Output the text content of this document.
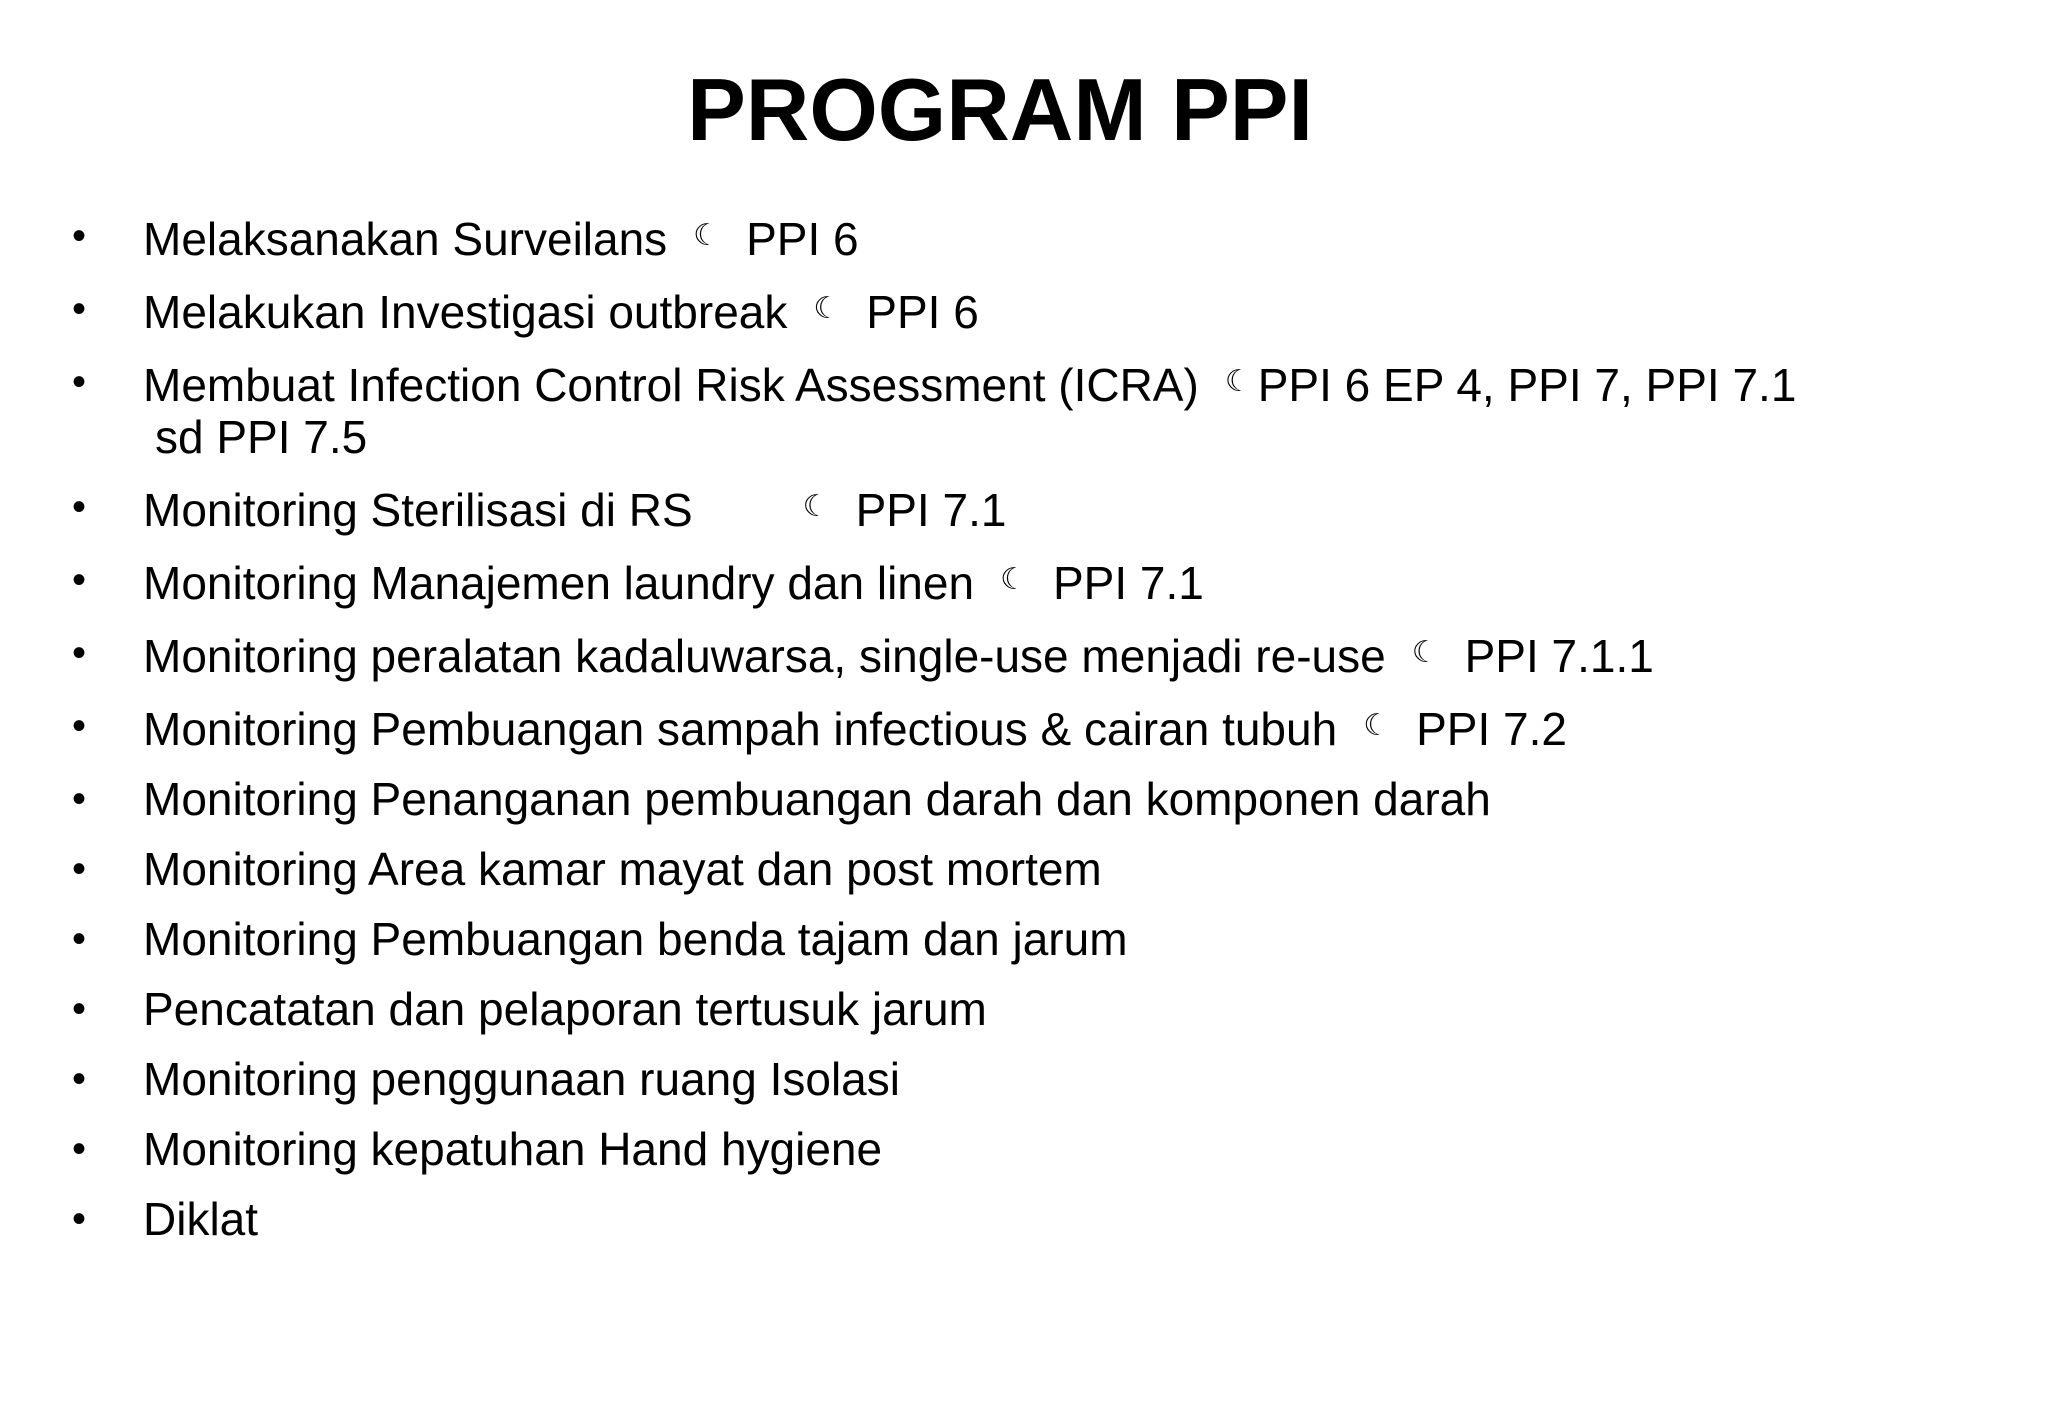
PROGRAM PPI
• Melaksanakan Surveilans ☾ PPI 6
• Melakukan Investigasi outbreak ☾ PPI 6
• Membuat Infection Control Risk Assessment (ICRA) ☾ PPI 6 EP 4, PPI 7, PPI 7.1
sd PPI 7.5
• Monitoring Sterilisasi di RS	☾ PPI 7.1
• Monitoring Manajemen laundry dan linen ☾ PPI 7.1
• Monitoring peralatan kadaluwarsa, single-use menjadi re-use ☾ PPI 7.1.1
• Monitoring Pembuangan sampah infectious & cairan tubuh ☾ PPI 7.2
• Monitoring Penanganan pembuangan darah dan komponen darah
• Monitoring Area kamar mayat dan post mortem
• Monitoring Pembuangan benda tajam dan jarum
• Pencatatan dan pelaporan tertusuk jarum
• Monitoring penggunaan ruang Isolasi
• Monitoring kepatuhan Hand hygiene
• Diklat
